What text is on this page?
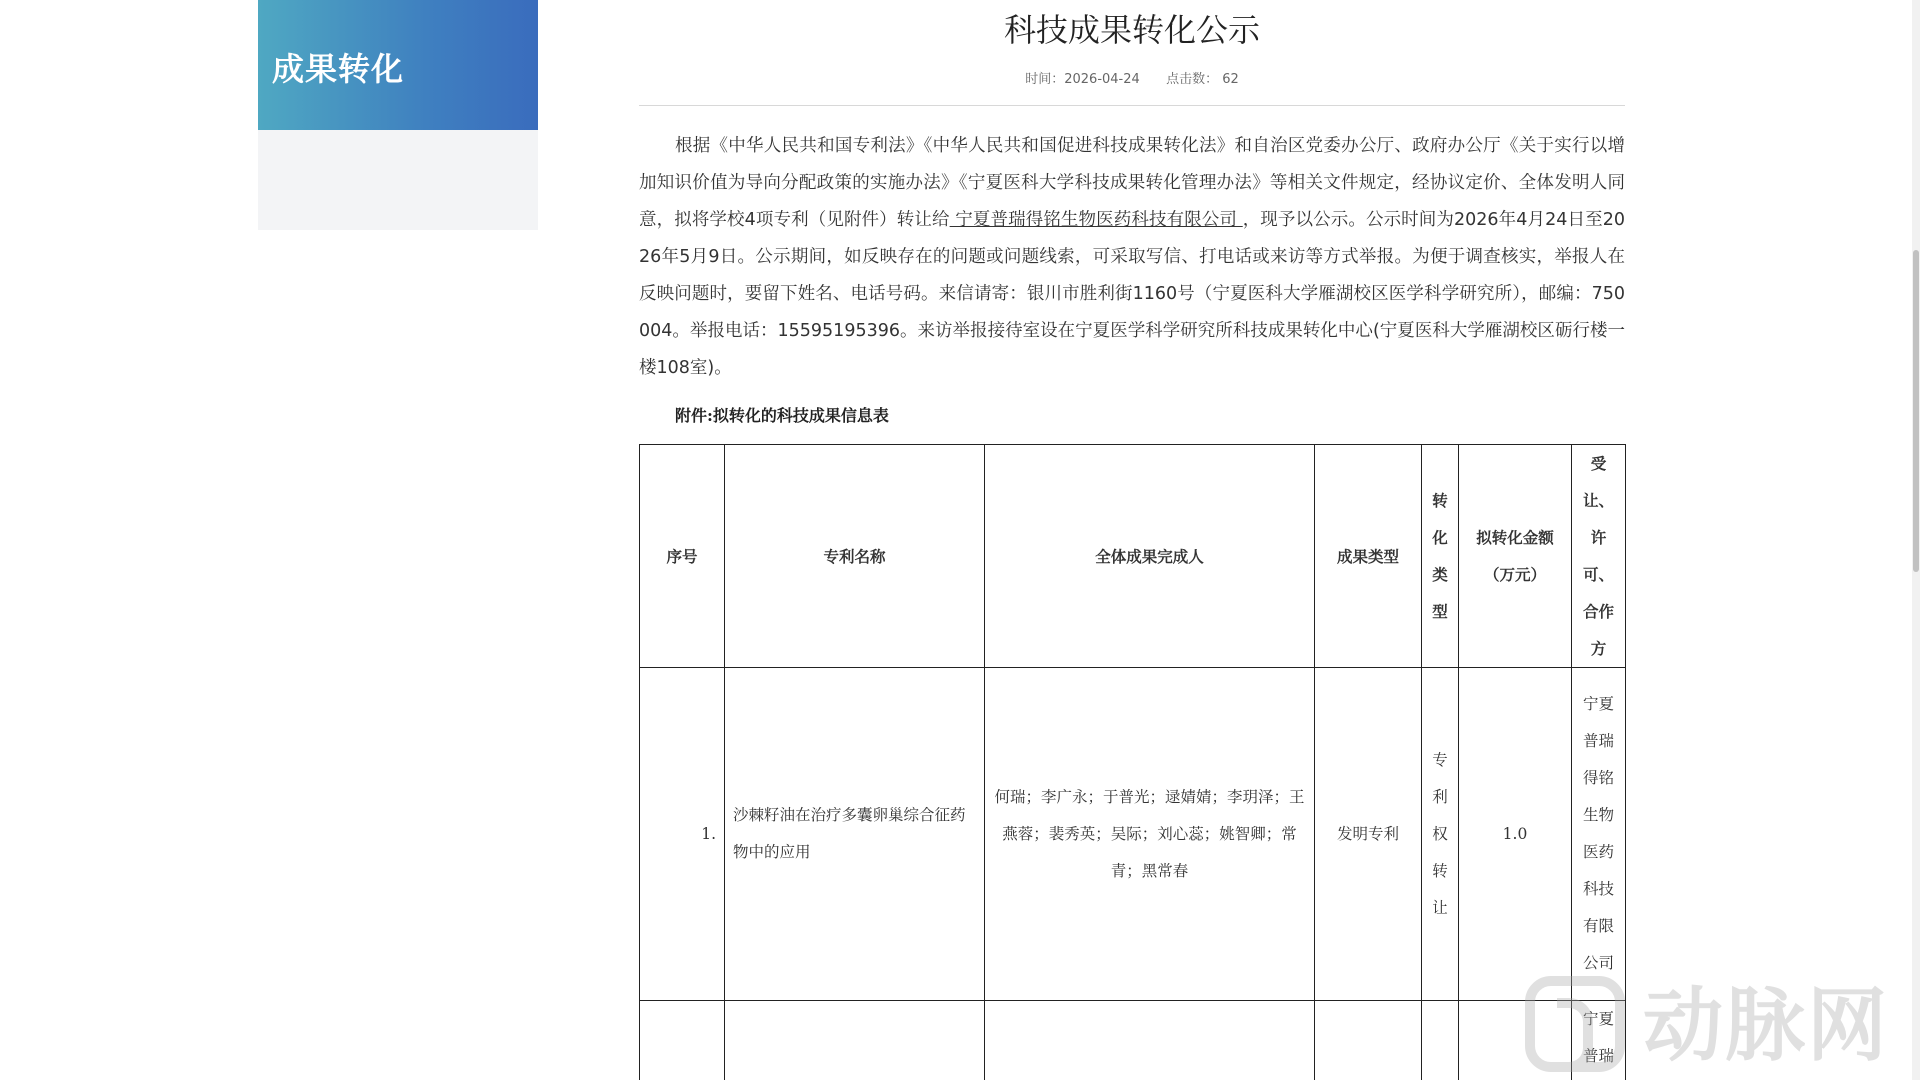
成果转化
科技成果转化公示
时间：2026-04-24 点击数： 62

根据《中华人民共和国专利法》《中华人民共和国促进科技成果转化法》和自治区党委办公厅、政府办公厅《关于实行以增加知识价值为导向分配政策的实施办法》《宁夏医科大学科技成果转化管理办法》等相关文件规定，经协议定价、全体发明人同意，拟将学校4项专利（见附件）转让给 宁夏普瑞得铭生物医药科技有限公司 ，现予以公示。公示时间为2026年4月24日至2026年5月9日。公示期间，如反映存在的问题或问题线索，可采取写信、打电话或来访等方式举报。为便于调查核实，举报人在反映问题时，要留下姓名、电话号码。来信请寄：银川市胜利街1160号（宁夏医科大学雁湖校区医学科学研究所），邮编：750004。举报电话：15595195396。来访举报接待室设在宁夏医学科学研究所科技成果转化中心(宁夏医科大学雁湖校区砺行楼一楼108室)。

附件:拟转化的科技成果信息表
序号	专利名称	全体成果完成人	成果类型	转化类型	拟转化金额（万元）	受让、许可、合作方
1.	沙棘籽油在治疗多囊卵巢综合征药物中的应用	何瑞；李广永；于普光；逯婧婧；李玥泽；王燕蓉；裴秀英；吴际；刘心蕊；姚智卿；常青；黑常春	发明专利	专利权转让	1.0	宁夏普瑞得铭生物医药科技有限公司
						宁夏普瑞 动脉网
